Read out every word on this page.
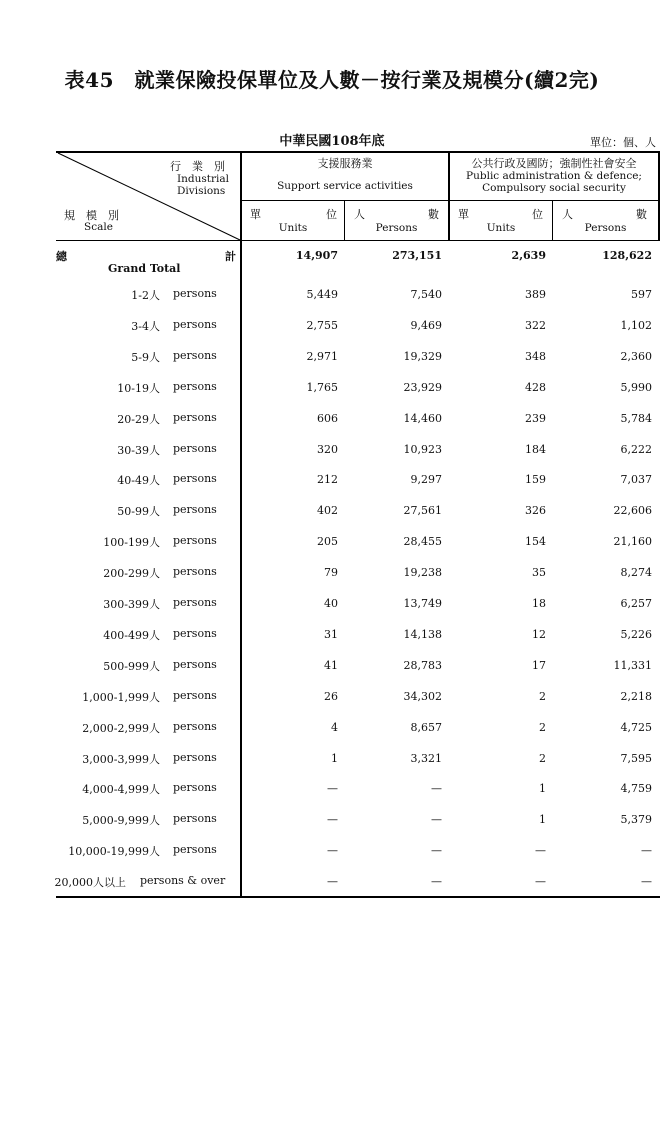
表45　就業保險投保單位及人數－按行業及規模分(續2完)
中華民國108年底	單位：個、人
行　業　別
Industrial
Divisions
規　模　別
Scale
支援服務業
Support service activities
公共行政及國防；強制性社會安全
Public administration & defence;
Compulsory social security
單	位
Units
人	數
Persons
單	位
Units
人	數
Persons
總	計
Grand Total
14,907	273,151	2,639	128,622
1-2人 persons	5,449	7,540	389	597
3-4人 persons	2,755	9,469	322	1,102
5-9人 persons	2,971	19,329	348	2,360
10-19人 persons	1,765	23,929	428	5,990
20-29人 persons	606	14,460	239	5,784
30-39人 persons	320	10,923	184	6,222
40-49人 persons	212	9,297	159	7,037
50-99人 persons	402	27,561	326	22,606
100-199人 persons	205	28,455	154	21,160
200-299人 persons	79	19,238	35	8,274
300-399人 persons	40	13,749	18	6,257
400-499人 persons	31	14,138	12	5,226
500-999人 persons	41	28,783	17	11,331
1,000-1,999人 persons	26	34,302	2	2,218
2,000-2,999人 persons	4	8,657	2	4,725
3,000-3,999人 persons	1	3,321	2	7,595
4,000-4,999人 persons	—	—	1	4,759
5,000-9,999人 persons	—	—	1	5,379
10,000-19,999人 persons	—	—	—	—
20,000人以上 persons & over	—	—	—	—
